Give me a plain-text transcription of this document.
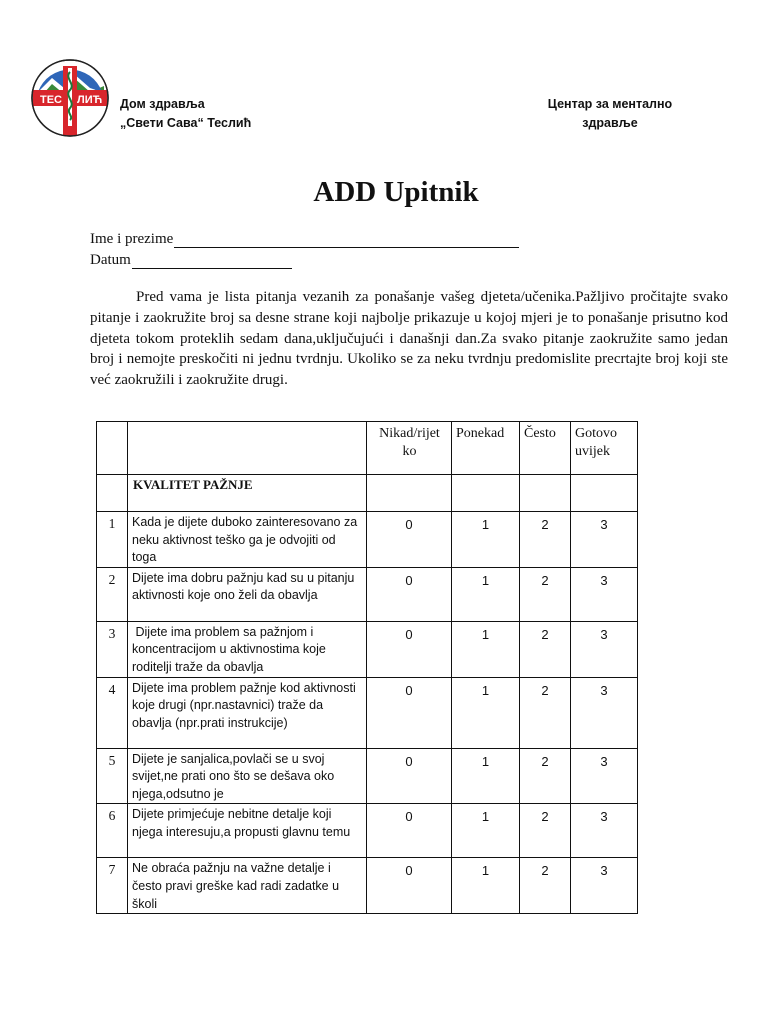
ТЕС ЛИЋ Дом здравља
„Свети Сава“ Теслић
Центар за ментално
здравље
ADD Upitnik
Ime i prezime
Datum

Pred vama je lista pitanja vezanih za ponašanje vašeg djeteta/učenika.Pažljivo pročitajte svako pitanje i zaokružite broj sa desne strane koji najbolje prikazuje u kojoj mjeri je to ponašanje prisutno kod djeteta tokom proteklih sedam dana,uključujući i današnji dan.Za svako pitanje zaokružite samo jedan broj i nemojte preskočiti ni jednu tvrdnju. Ukoliko se za neku tvrdnju predomislite precrtajte broj koji ste već zaokružili i zaokružite drugi.

		Nikad/rijet
ko	Ponekad	Često	Gotovo
uvijek
	KVALITET PAŽNJE				
1	Kada je dijete duboko zainteresovano za neku aktivnost teško ga je odvojiti od toga	0	1	2	3
2	Dijete ima dobru pažnju kad su u pitanju aktivnosti koje ono želi da obavlja	0	1	2	3
3	Dijete ima problem sa pažnjom i  koncentracijom u aktivnostima koje  roditelji traže da obavlja	0	1	2	3
4	Dijete ima problem pažnje kod aktivnosti koje drugi (npr.nastavnici) traže da obavlja (npr.prati instrukcije)	0	1	2	3
5	Dijete je sanjalica,povlači se u svoj svijet,ne prati ono što se dešava oko njega,odsutno je	0	1	2	3
6	Dijete primjećuje nebitne detalje koji njega interesuju,a propusti glavnu temu	0	1	2	3
7	Ne obraća pažnju na važne detalje i često pravi greške kad radi zadatke u školi	0	1	2	3
